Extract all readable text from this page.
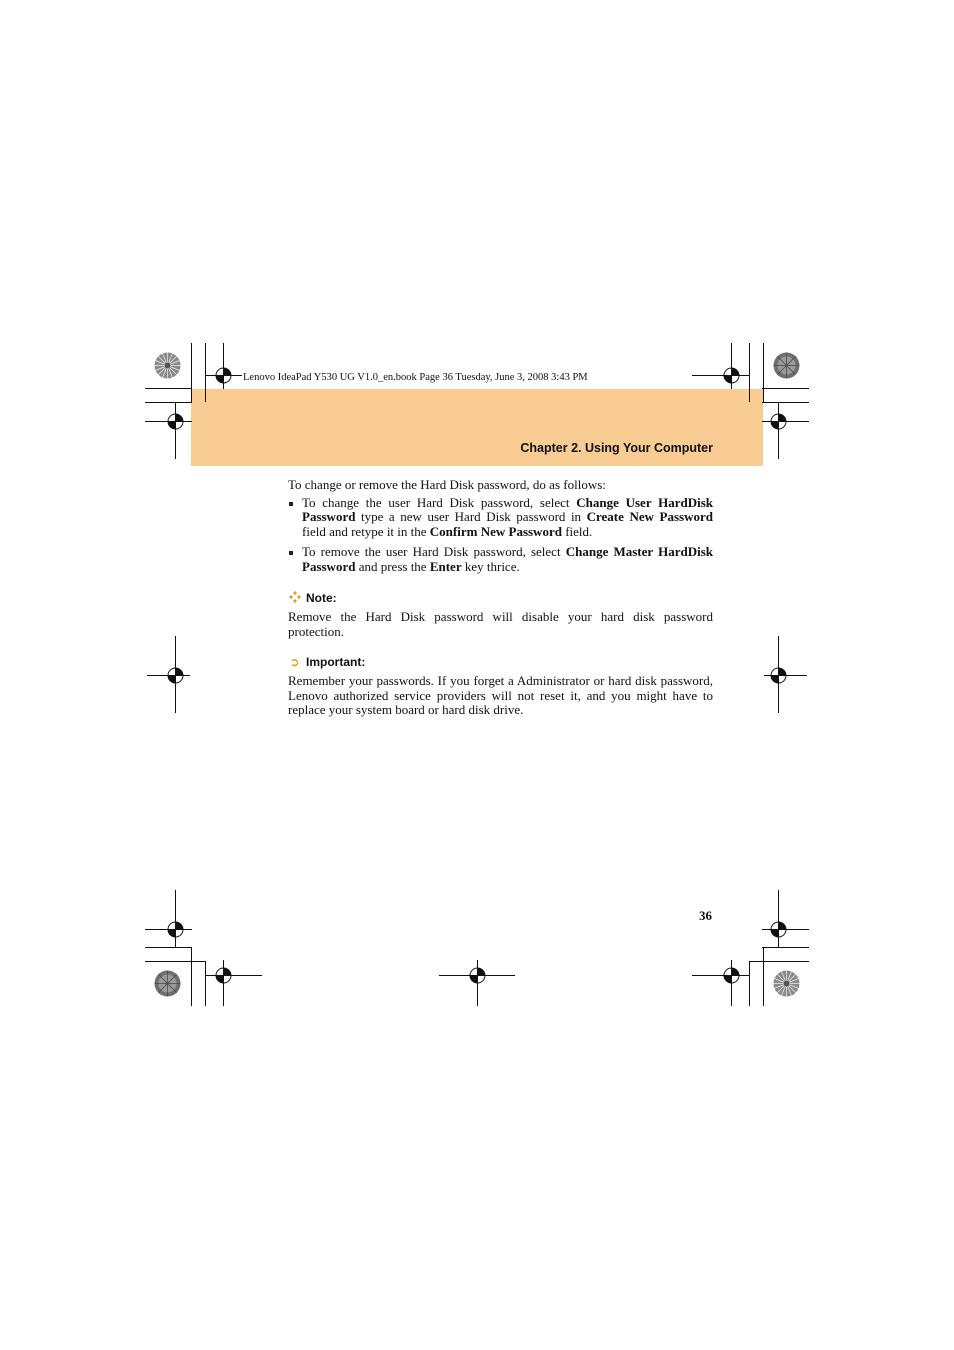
Lenovo IdeaPad Y530 UG V1.0_en.book Page 36 Tuesday, June 3, 2008 3:43 PM
Chapter 2. Using Your Computer

To change or remove the Hard Disk password, do as follows:

To change the user Hard Disk password, select Change User HardDisk Password type a new user Hard Disk password in Create New Password field and retype it in the Confirm New Password field.
To remove the user Hard Disk password, select Change Master HardDisk Password and press the Enter key thrice.
Note:

Remove the Hard Disk password will disable your hard disk password protection.

➲ Important:

Remember your passwords. If you forget a Administrator or hard disk password, Lenovo authorized service providers will not reset it, and you might have to replace your system board or hard disk drive.

36
